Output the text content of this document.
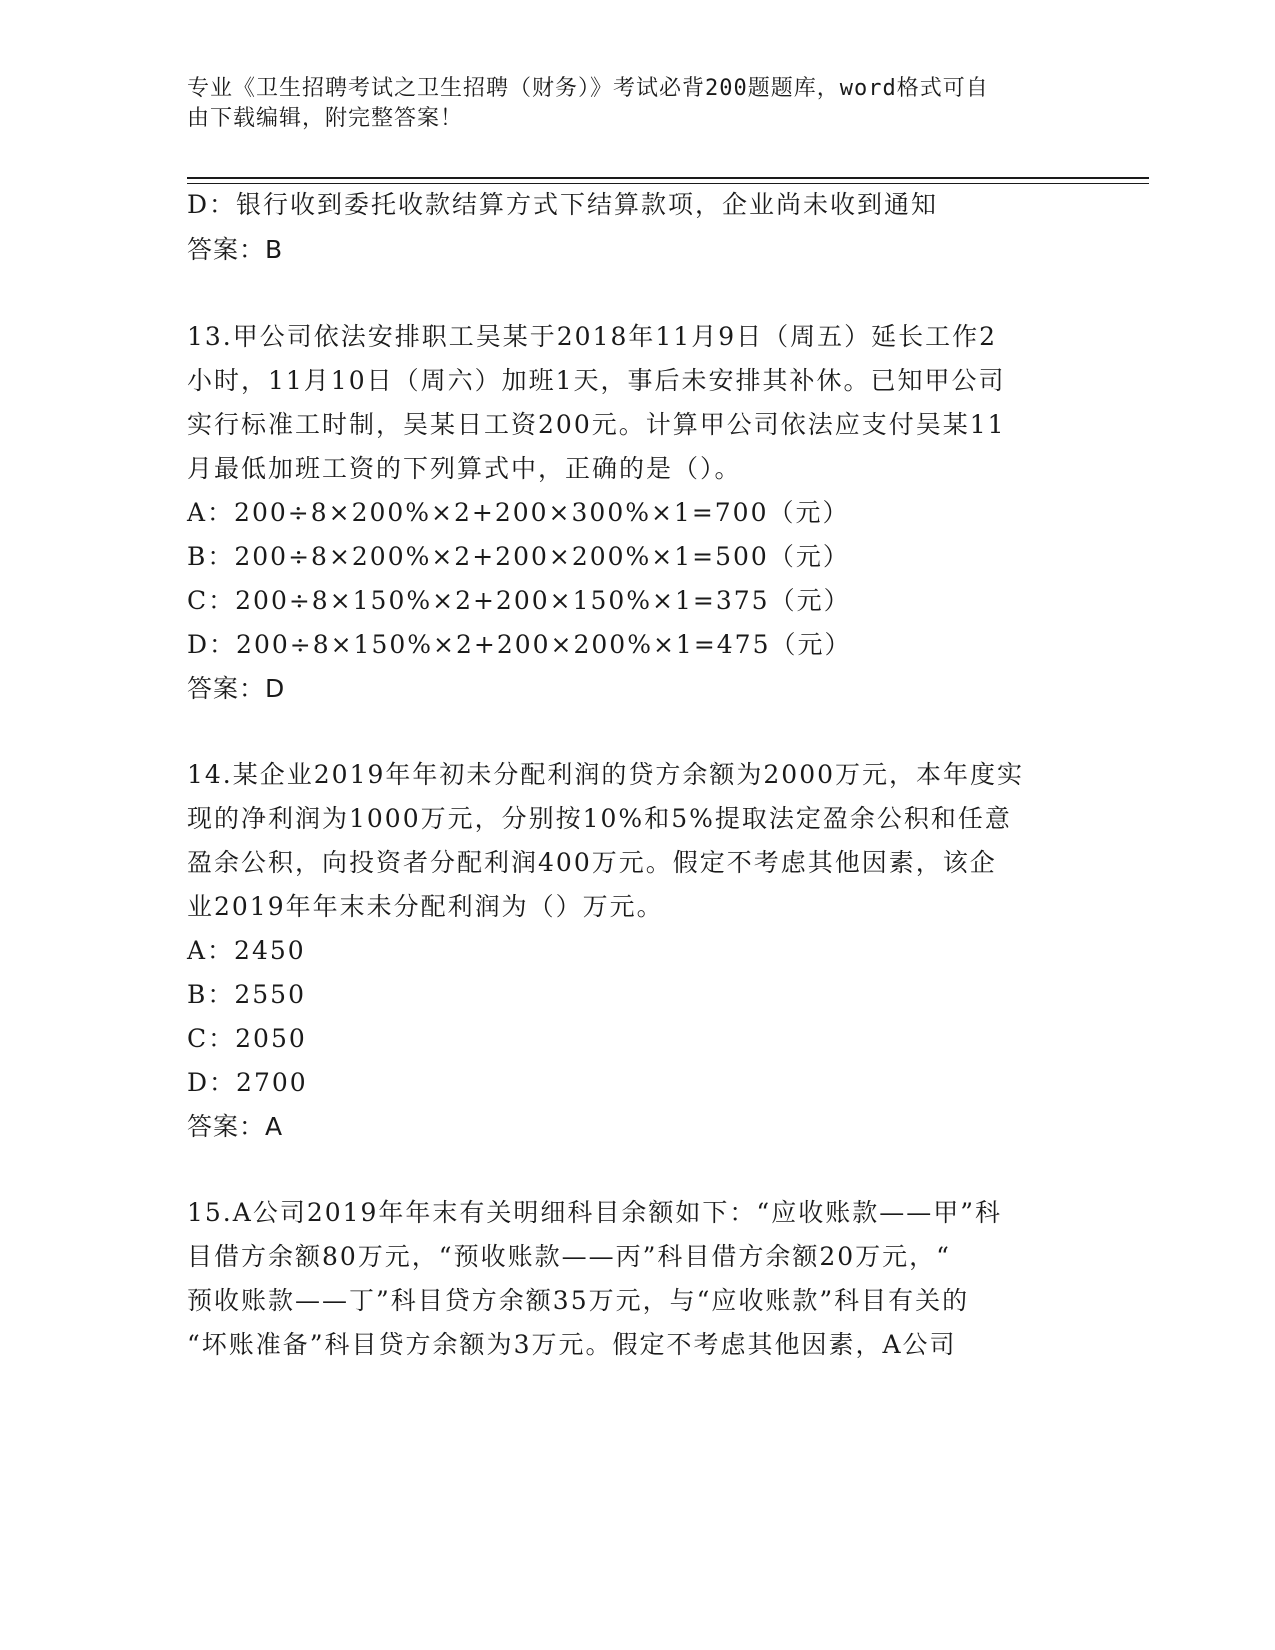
专业《卫生招聘考试之卫生招聘（财务）》考试必背200题题库，word格式可自
由下载编辑，附完整答案！
D：银行收到委托收款结算方式下结算款项，企业尚未收到通知
答案：B
13.甲公司依法安排职工吴某于2018年11月9日（周五）延长工作2
小时，11月10日（周六）加班1天，事后未安排其补休。已知甲公司
实行标准工时制，吴某日工资200元。计算甲公司依法应支付吴某11
月最低加班工资的下列算式中，正确的是（）。
A：200÷8×200%×2+200×300%×1=700（元）
B：200÷8×200%×2+200×200%×1=500（元）
C：200÷8×150%×2+200×150%×1=375（元）
D：200÷8×150%×2+200×200%×1=475（元）
答案：D
14.某企业2019年年初未分配利润的贷方余额为2000万元，本年度实
现的净利润为1000万元，分别按10%和5%提取法定盈余公积和任意
盈余公积，向投资者分配利润400万元。假定不考虑其他因素，该企
业2019年年末未分配利润为（）万元。
A：2450
B：2550
C：2050
D：2700
答案：A
15.A公司2019年年末有关明细科目余额如下：“应收账款——甲”科
目借方余额80万元，“预收账款——丙”科目借方余额20万元，“
预收账款——丁”科目贷方余额35万元，与“应收账款”科目有关的
“坏账准备”科目贷方余额为3万元。假定不考虑其他因素，A公司
